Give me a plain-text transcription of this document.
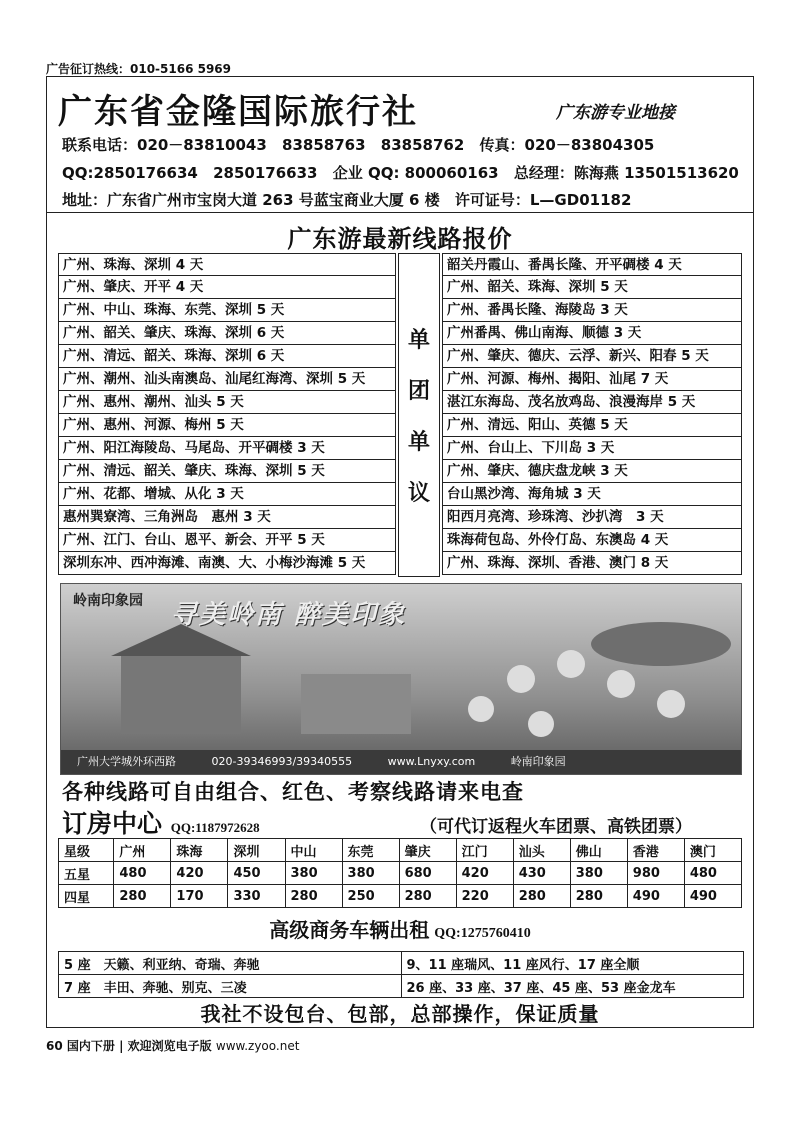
广告征订热线：010-5166 5969
广东省金隆国际旅行社	广东游专业地接
联系电话：020－83810043 83858763 83858762 传真：020－83804305
QQ:2850176634 2850176633 企业 QQ: 800060163 总经理：陈海燕 13501513620
地址：广东省广州市宝岗大道 263 号蓝宝商业大厦 6 楼 许可证号：L—GD01182
广东游最新线路报价
广州、珠海、深圳 4 天
广州、肇庆、开平 4 天
广州、中山、珠海、东莞、深圳 5 天
广州、韶关、肇庆、珠海、深圳 6 天
广州、清远、韶关、珠海、深圳 6 天
广州、潮州、汕头南澳岛、汕尾红海湾、深圳 5 天
广州、惠州、潮州、汕头 5 天
广州、惠州、河源、梅州 5 天
广州、阳江海陵岛、马尾岛、开平碉楼 3 天
广州、清远、韶关、肇庆、珠海、深圳 5 天
广州、花都、增城、从化 3 天
惠州巽寮湾、三角洲岛　惠州 3 天
广州、江门、台山、恩平、新会、开平 5 天
深圳东冲、西冲海滩、南澳、大、小梅沙海滩 5 天
单
团
单
议
韶关丹霞山、番禺长隆、开平碉楼 4 天
广州、韶关、珠海、深圳 5 天
广州、番禺长隆、海陵岛 3 天
广州番禺、佛山南海、顺德 3 天
广州、肇庆、德庆、云浮、新兴、阳春 5 天
广州、河源、梅州、揭阳、汕尾 7 天
湛江东海岛、茂名放鸡岛、浪漫海岸 5 天
广州、清远、阳山、英德 5 天
广州、台山上、下川岛 3 天
广州、肇庆、德庆盘龙峡 3 天
台山黑沙湾、海角城 3 天
阳西月亮湾、珍珠湾、沙扒湾　3 天
珠海荷包岛、外伶仃岛、东澳岛 4 天
广州、珠海、深圳、香港、澳门 8 天
岭南印象园 寻美岭南 醉美印象
广州大学城外环西路	020-39346993/39340555	www.Lnyxy.com	岭南印象园
各种线路可自由组合、红色、考察线路请来电查
订房中心 QQ:1187972628	（可代订返程火车团票、高铁团票）
星级	广州	珠海	深圳	中山	东莞	肇庆	江门	汕头	佛山	香港	澳门
五星	480	420	450	380	380	680	420	430	380	980	480
四星	280	170	330	280	250	280	220	280	280	490	490
高级商务车辆出租 QQ:1275760410
5 座　天籁、利亚纳、奇瑞、奔驰	9、11 座瑞风、11 座风行、17 座全顺
7 座　丰田、奔驰、别克、三凌	26 座、33 座、37 座、45 座、53 座金龙车
我社不设包台、包部，总部操作，保证质量
60 国内下册 | 欢迎浏览电子版 www.zyoo.net
